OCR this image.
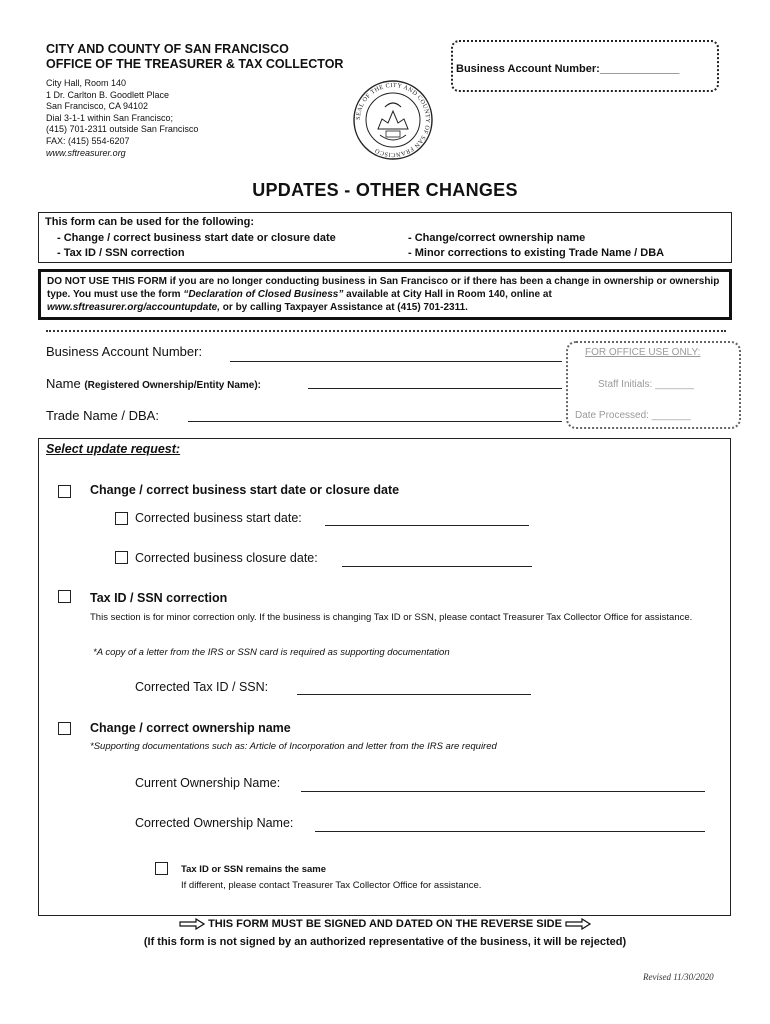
CITY AND COUNTY OF SAN FRANCISCO
OFFICE OF THE TREASURER & TAX COLLECTOR
City Hall, Room 140
1 Dr. Carlton B. Goodlett Place
San Francisco, CA 94102
Dial 3-1-1 within San Francisco;
(415) 701-2311 outside San Francisco
FAX: (415) 554-6207
www.sftreasurer.org
Business Account Number:_____________
SEAL OF THE CITY AND COUNTY OF SAN FRANCISCO
UPDATES - OTHER CHANGES
This form can be used for the following:
- Change / correct business start date or closure date
- Tax ID / SSN correction
- Change/correct ownership name
- Minor corrections to existing Trade Name / DBA
DO NOT USE THIS FORM if you are no longer conducting business in San Francisco or if there has been a change in ownership or ownership type. You must use the form “Declaration of Closed Business” available at City Hall in Room 140, online at www.sftreasurer.org/accountupdate, or by calling Taxpayer Assistance at (415) 701-2311.
Business Account Number:
Name (Registered Ownership/Entity Name):
Trade Name / DBA:
FOR OFFICE USE ONLY:
Staff Initials: _______
Date Processed: _______
Select update request:
Change / correct business start date or closure date
Corrected business start date:
Corrected business closure date:
Tax ID / SSN correction
This section is for minor correction only. If the business is changing Tax ID or SSN, please contact Treasurer Tax Collector Office for assistance.
*A copy of a letter from the IRS or SSN card is required as supporting documentation
Corrected Tax ID / SSN:
Change / correct ownership name
*Supporting documentations such as: Article of Incorporation and letter from the IRS are required
Current Ownership Name:
Corrected Ownership Name:
Tax ID or SSN remains the same
If different, please contact Treasurer Tax Collector Office for assistance.
THIS FORM MUST BE SIGNED AND DATED ON THE REVERSE SIDE
(If this form is not signed by an authorized representative of the business, it will be rejected)
Revised 11/30/2020
